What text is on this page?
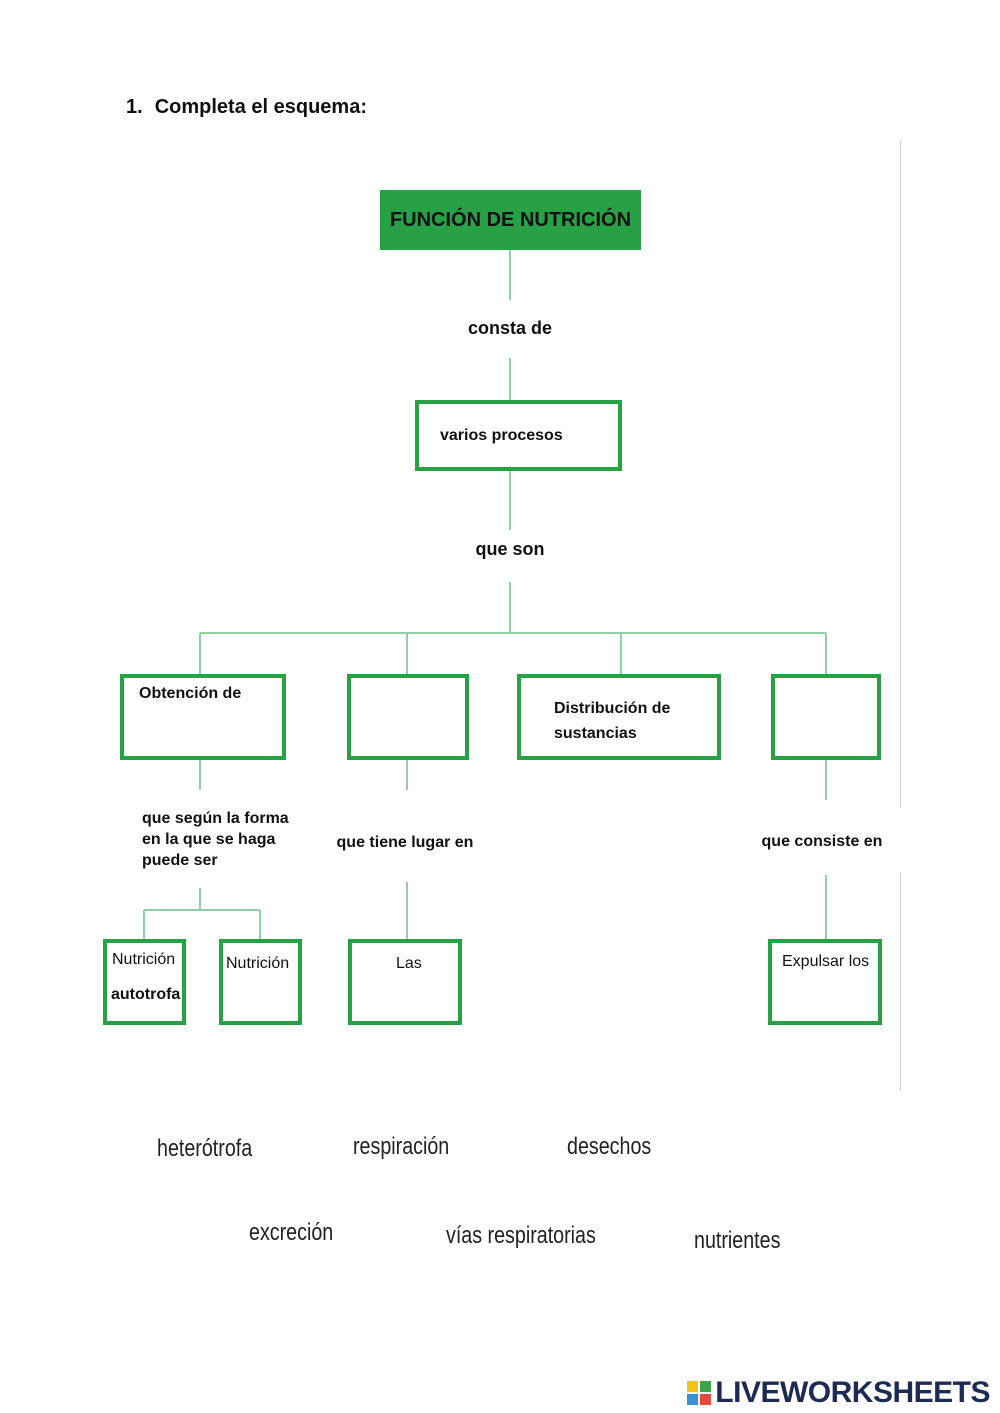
1. Completa el esquema:
FUNCIÓN DE NUTRICIÓN
consta de
varios procesos
que son
Obtención de
Distribución de sustancias
que según la forma en la que se haga puede ser
que tiene lugar en	que consiste en
Nutrición
autotrofa
Nutrición	Las	Expulsar los
heterótrofa	respiración	desechos
excreción	vías respiratorias	nutrientes
LIVEWORKSHEETS
